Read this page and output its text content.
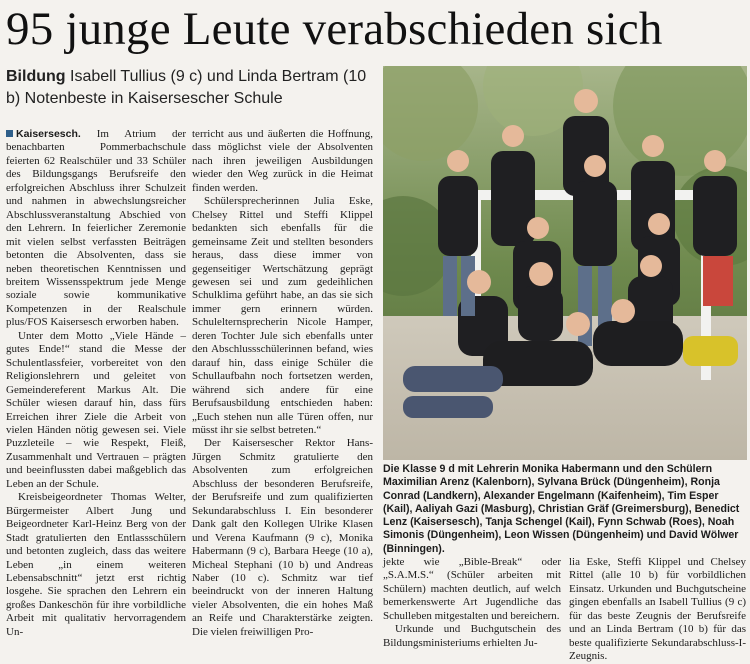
95 junge Leute verabschieden sich
Bildung Isabell Tullius (9 c) und Linda Bertram (10 b) Notenbeste in Kaisersescher Schule

Kaisersesch. Im Atrium der benachbarten Pommerbachschule feierten 62 Realschüler und 33 Schüler des Bildungsgangs Berufsreife den erfolgreichen Abschluss ihrer Schulzeit und nahmen in abwechslungsreicher Abschlussveranstaltung Abschied von den Lehrern. In feierlicher Zeremonie mit vielen selbst verfassten Beiträgen betonten die Absolventen, dass sie neben theoretischen Kenntnissen und breitem Wissensspektrum jede Menge soziale sowie kommunikative Kompetenzen in der Realschule plus/FOS Kaisersesch erworben haben.

Unter dem Motto „Viele Hände – gutes Ende!“ stand die Messe der Schulentlassfeier, vorbereitet von den Religionslehrern und geleitet von Gemeindereferent Markus Alt. Die Schüler wiesen darauf hin, dass fürs Erreichen ihrer Ziele die Arbeit von vielen Händen nötig gewesen sei. Viele Puzzleteile – wie Respekt, Fleiß, Zusammenhalt und Vertrauen – prägten und beeinflussten dabei maßgeblich das Leben an der Schule.

Kreisbeigeordneter Thomas Welter, Bürgermeister Albert Jung und Beigeordneter Karl-Heinz Berg von der Stadt gratulierten den Entlassschülern und betonten zugleich, dass das weitere Leben „in einem weiteren Lebensabschnitt“ jetzt erst richtig losgehe. Sie sprachen den Lehrern ein großes Dankeschön für ihre vorbildliche Arbeit mit qualitativ hervorragendem Un-

terricht aus und äußerten die Hoffnung, dass möglichst viele der Absolventen nach ihren jeweiligen Ausbildungen wieder den Weg zurück in die Heimat finden werden.

Schülersprecherinnen Julia Eske, Chelsey Rittel und Steffi Klippel bedankten sich ebenfalls für die gemeinsame Zeit und stellten besonders heraus, dass diese immer von gegenseitiger Wertschätzung geprägt gewesen sei und zum gedeihlichen Schulklima geführt habe, an das sie sich immer gern erinnern würden. Schulelternsprecherin Nicole Hamper, deren Tochter Jule sich ebenfalls unter den Abschlussschülerinnen befand, wies darauf hin, dass einige Schüler die Schullaufbahn noch fortsetzen werden, während sich andere für eine Berufsausbildung entschieden haben: „Euch stehen nun alle Türen offen, nur müsst ihr sie selbst betreten.“

Der Kaisersescher Rektor Hans-Jürgen Schmitz gratulierte den Absolventen zum erfolgreichen Abschluss der besonderen Berufsreife, der Berufsreife und zum qualifizierten Sekundarabschluss I. Ein besonderer Dank galt den Kollegen Ulrike Klasen und Verena Kaufmann (9 c), Monika Habermann (9 c), Barbara Heege (10 a), Micheal Stephani (10 b) und Andreas Naber (10 c). Schmitz war tief beeindruckt von der inneren Haltung vieler Absolventen, die ein hohes Maß an Reife und Charakterstärke zeigten. Die vielen freiwilligen Pro-

Die Klasse 9 d mit Lehrerin Monika Habermann und den Schülern Maximilian Arenz (Kalenborn), Sylvana Brück (Düngenheim), Ronja Conrad (Landkern), Alexander Engelmann (Kaifenheim), Tim Esper (Kail), Aaliyah Gazi (Masburg), Christian Gräf (Greimersburg), Benedict Lenz (Kaisersesch), Tanja Schengel (Kail), Fynn Schwab (Roes), Noah Simonis (Düngenheim), Leon Wissen (Düngenheim) und David Wölwer (Binningen).

jekte wie „Bible-Break“ oder „S.A.M.S.“ (Schüler arbeiten mit Schülern) machten deutlich, auf welch bemerkenswerte Art Jugendliche das Schulleben mitgestalten und bereichern.

Urkunde und Buchgutschein des Bildungsministeriums erhielten Ju-

lia Eske, Steffi Klippel und Chelsey Rittel (alle 10 b) für vorbildlichen Einsatz. Urkunden und Buchgutscheine gingen ebenfalls an Isabell Tullius (9 c) für das beste Zeugnis der Berufsreife und an Linda Bertram (10 b) für das beste qualifizierte Sekundarabschluss-I-Zeugnis.
